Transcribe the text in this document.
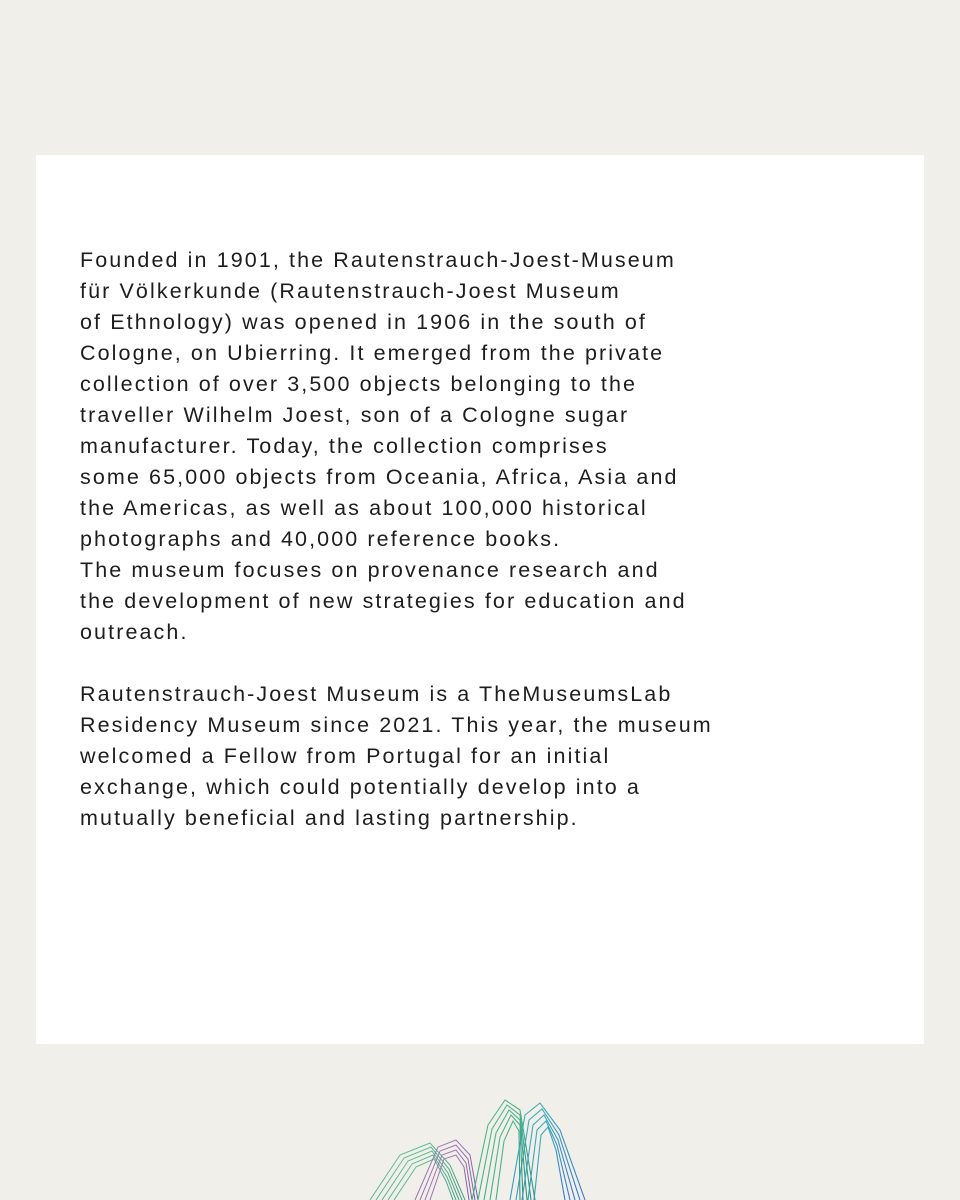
Founded in 1901, the Rautenstrauch-Joest-Museum
für Völkerkunde (Rautenstrauch-Joest Museum
of Ethnology) was opened in 1906 in the south of
Cologne, on Ubierring. It emerged from the private
collection of over 3,500 objects belonging to the
traveller Wilhelm Joest, son of a Cologne sugar
manufacturer. Today, the collection comprises
some 65,000 objects from Oceania, Africa, Asia and
the Americas, as well as about 100,000 historical
photographs and 40,000 reference books.
The museum focuses on provenance research and
the development of new strategies for education and
outreach.
Rautenstrauch-Joest Museum is a TheMuseumsLab
Residency Museum since 2021. This year, the museum
welcomed a Fellow from Portugal for an initial
exchange, which could potentially develop into a
mutually beneficial and lasting partnership.
